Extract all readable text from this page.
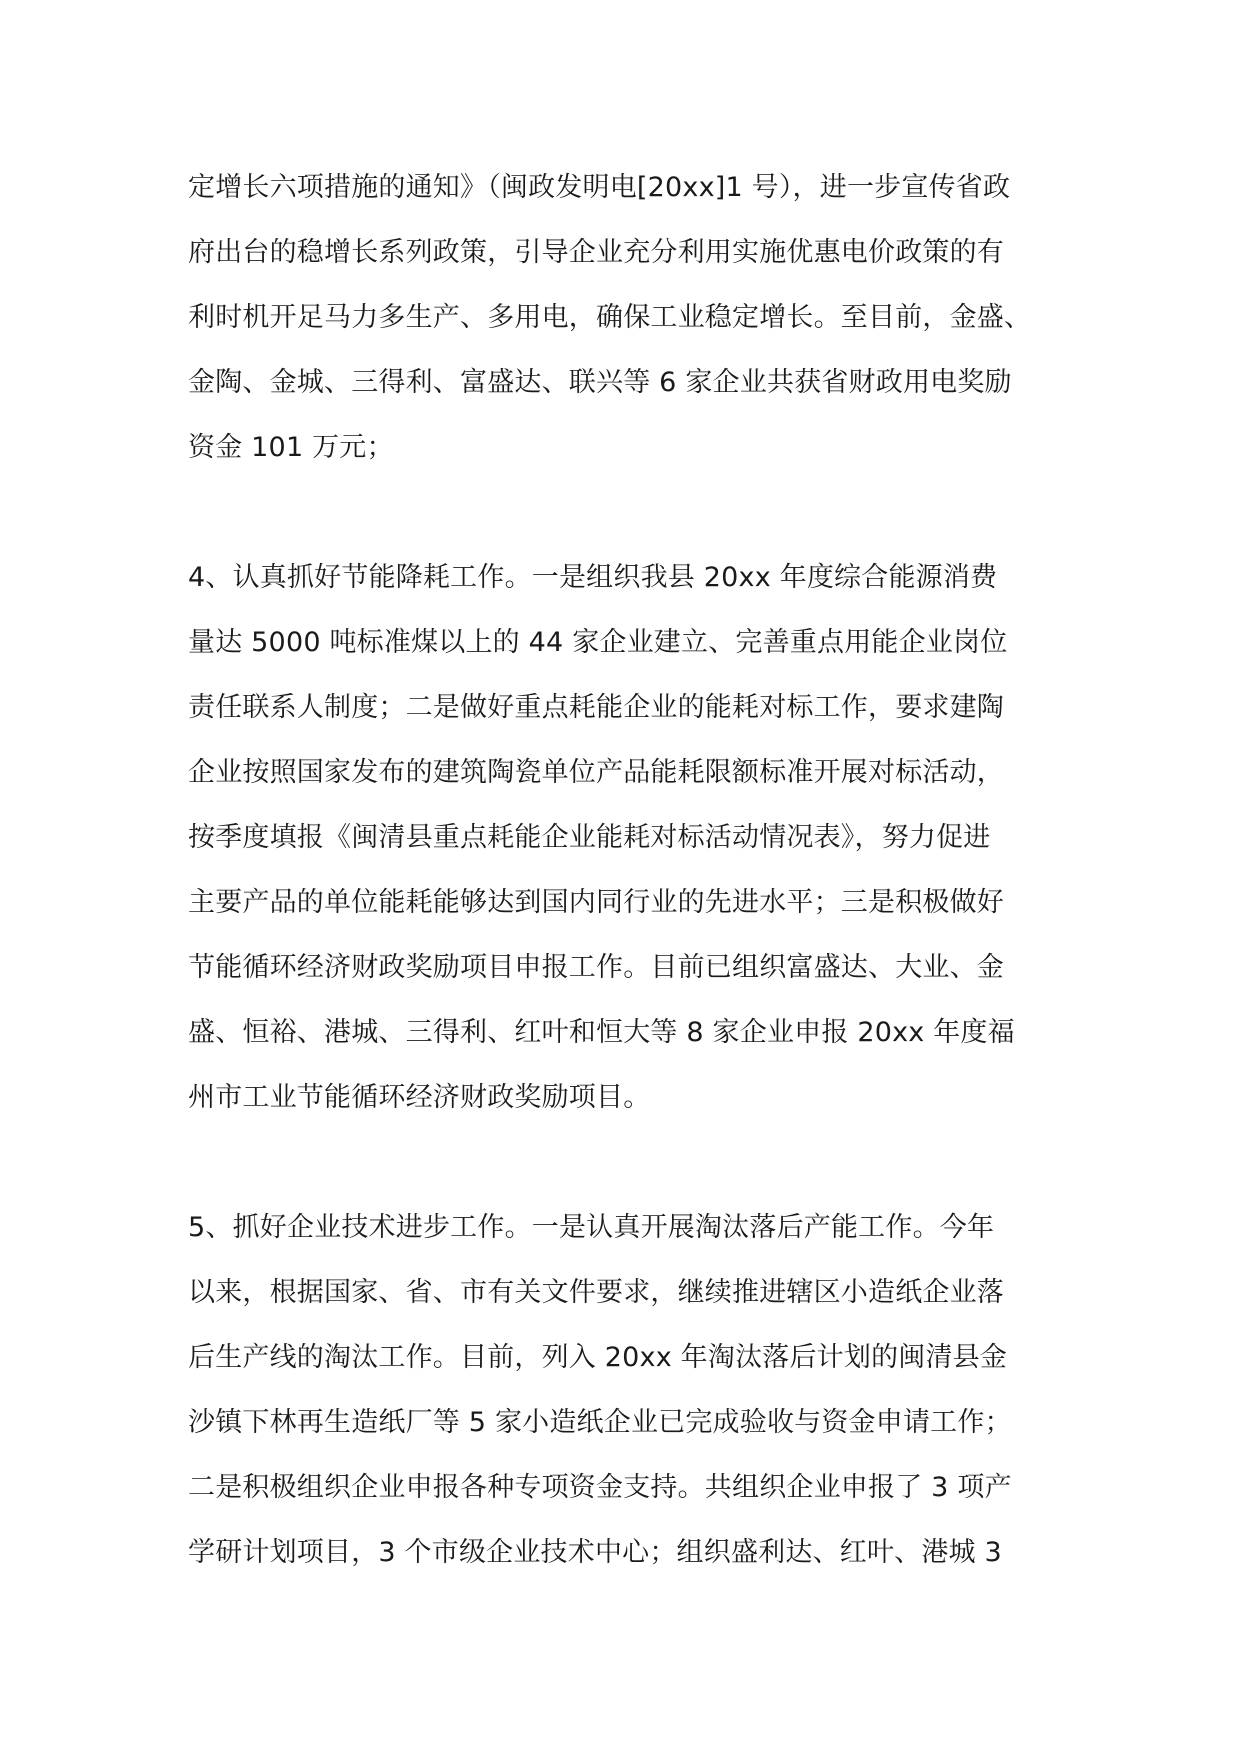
定增长六项措施的通知》（闽政发明电[20xx]1 号），进一步宣传省政
府出台的稳增长系列政策，引导企业充分利用实施优惠电价政策的有
利时机开足马力多生产、多用电，确保工业稳定增长。至目前，金盛、
金陶、金城、三得利、富盛达、联兴等 6 家企业共获省财政用电奖励
资金 101 万元；
4、认真抓好节能降耗工作。一是组织我县 20xx 年度综合能源消费
量达 5000 吨标准煤以上的 44 家企业建立、完善重点用能企业岗位
责任联系人制度；二是做好重点耗能企业的能耗对标工作，要求建陶
企业按照国家发布的建筑陶瓷单位产品能耗限额标准开展对标活动，
按季度填报《闽清县重点耗能企业能耗对标活动情况表》，努力促进
主要产品的单位能耗能够达到国内同行业的先进水平；三是积极做好
节能循环经济财政奖励项目申报工作。目前已组织富盛达、大业、金
盛、恒裕、港城、三得利、红叶和恒大等 8 家企业申报 20xx 年度福
州市工业节能循环经济财政奖励项目。
5、抓好企业技术进步工作。一是认真开展淘汰落后产能工作。今年
以来，根据国家、省、市有关文件要求，继续推进辖区小造纸企业落
后生产线的淘汰工作。目前，列入 20xx 年淘汰落后计划的闽清县金
沙镇下林再生造纸厂等 5 家小造纸企业已完成验收与资金申请工作；
二是积极组织企业申报各种专项资金支持。共组织企业申报了 3 项产
学研计划项目，3 个市级企业技术中心；组织盛利达、红叶、港城 3
